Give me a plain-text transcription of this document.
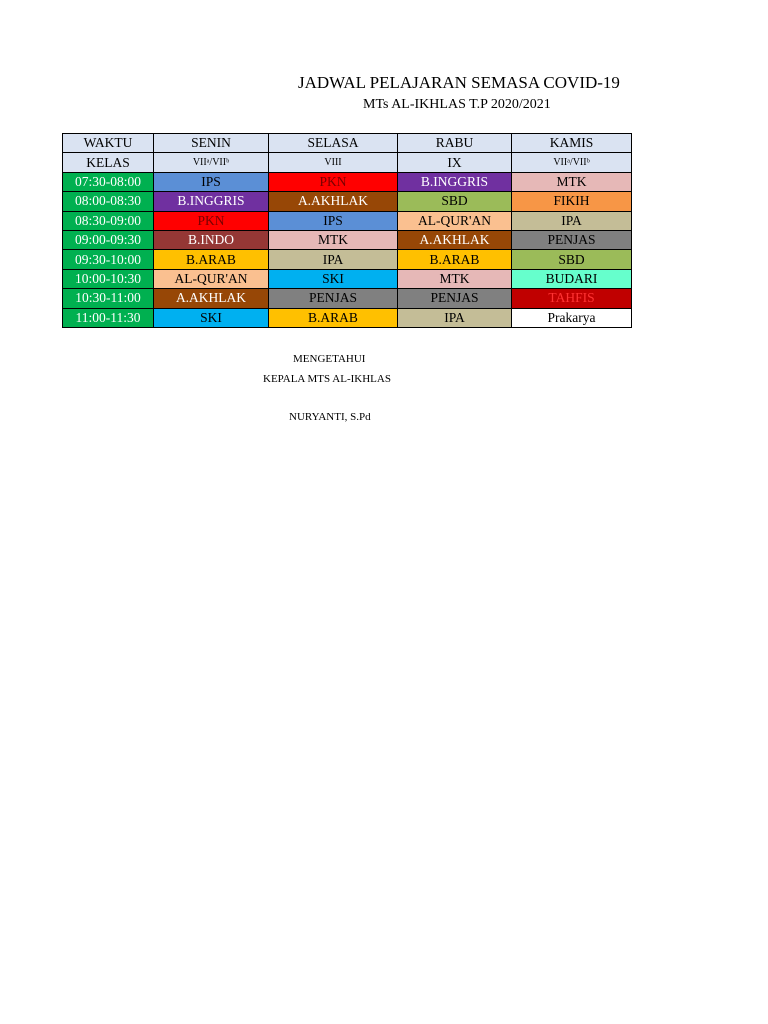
JADWAL PELAJARAN SEMASA COVID-19
MTs AL-IKHLAS T.P 2020/2021
WAKTU	SENIN	SELASA	RABU	KAMIS
KELAS	VIIᵃ/VIIᵇ	VIII	IX	VIIᵃ/VIIᵇ
07:30-08:00	IPS	PKN	B.INGGRIS	MTK
08:00-08:30	B.INGGRIS	A.AKHLAK	SBD	FIKIH
08:30-09:00	PKN	IPS	AL-QUR'AN	IPA
09:00-09:30	B.INDO	MTK	A.AKHLAK	PENJAS
09:30-10:00	B.ARAB	IPA	B.ARAB	SBD
10:00-10:30	AL-QUR'AN	SKI	MTK	BUDARI
10:30-11:00	A.AKHLAK	PENJAS	PENJAS	TAHFIS
11:00-11:30	SKI	B.ARAB	IPA	Prakarya
MENGETAHUI
KEPALA MTS AL-IKHLAS
NURYANTI, S.Pd
